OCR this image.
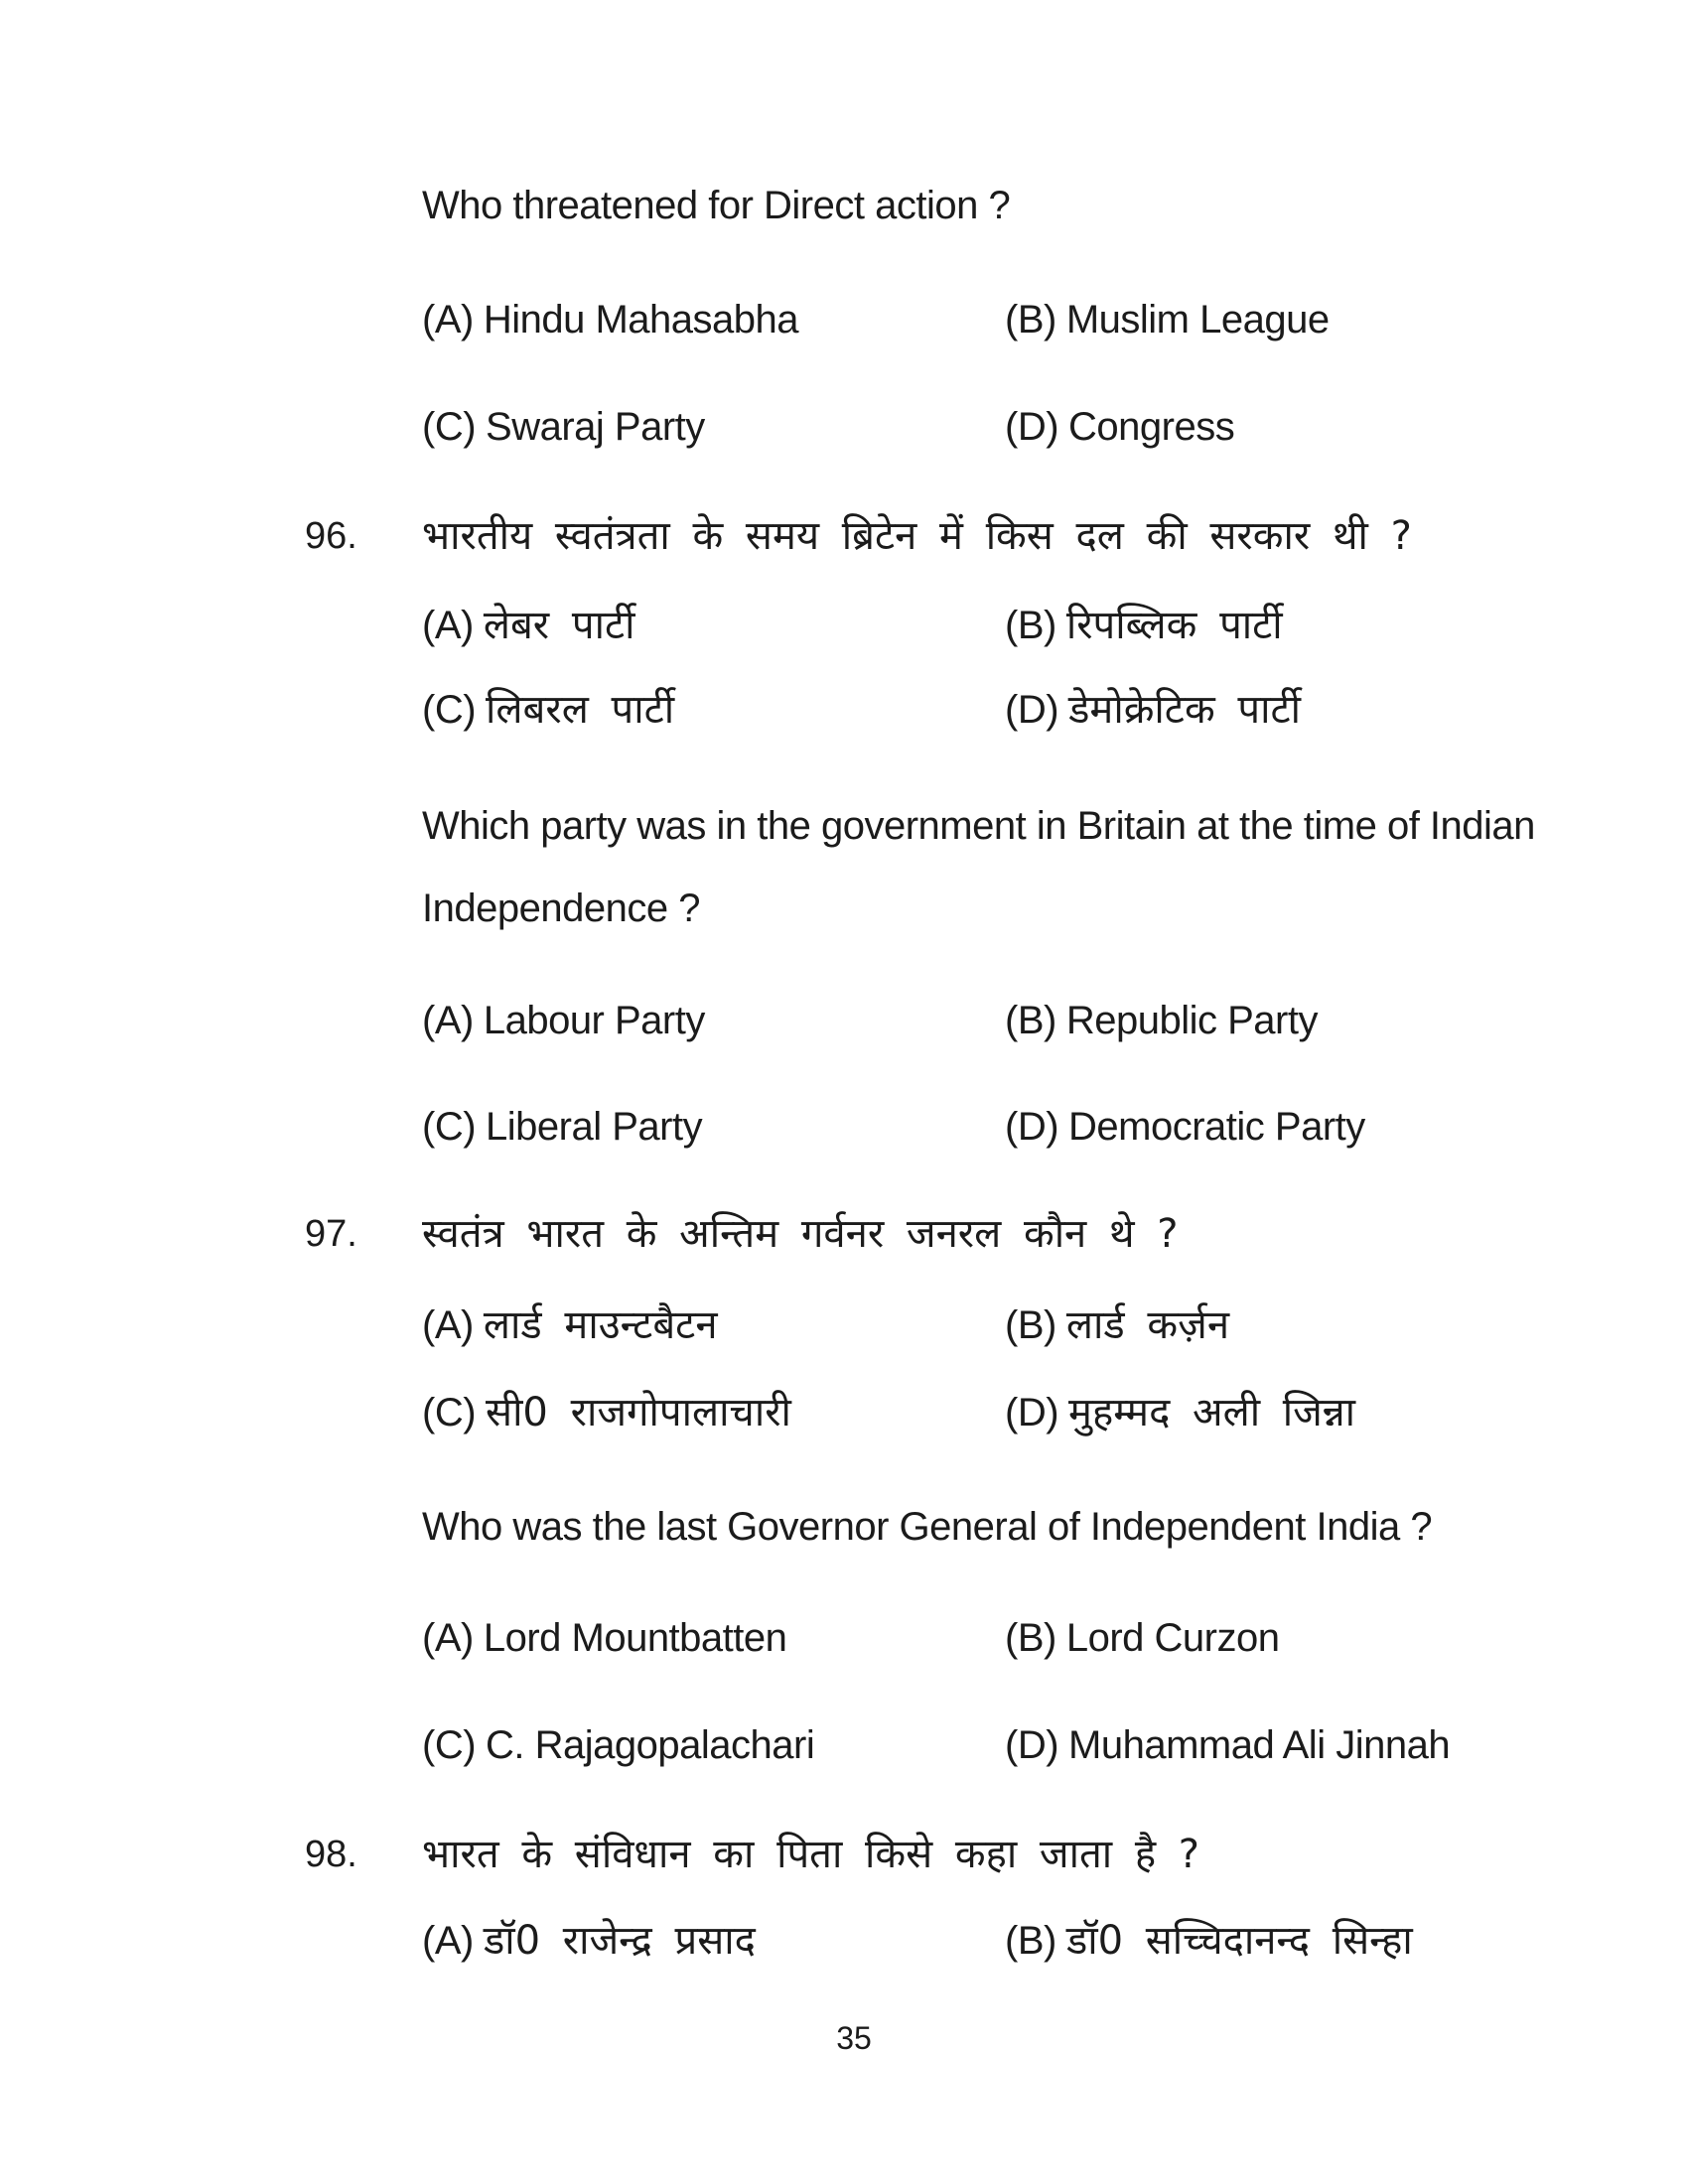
Who threatened for Direct action ?
(A) Hindu Mahasabha	(B) Muslim League
(C) Swaraj Party	(D) Congress
96. भारतीय स्वतंत्रता के समय ब्रिटेन में किस दल की सरकार थी ?
(A) लेबर पार्टी	(B) रिपब्लिक पार्टी
(C) लिबरल पार्टी	(D) डेमोक्रेटिक पार्टी
Which party was in the government in Britain at the time of Indian
Independence ?
(A) Labour Party	(B) Republic Party
(C) Liberal Party	(D) Democratic Party
97. स्वतंत्र भारत के अन्तिम गर्वनर जनरल कौन थे ?
(A) लार्ड माउन्टबैटन	(B) लार्ड कर्ज़न
(C) सी0 राजगोपालाचारी	(D) मुहम्मद अली जिन्ना
Who was the last Governor General of Independent India ?
(A) Lord Mountbatten	(B) Lord Curzon
(C) C. Rajagopalachari	(D) Muhammad Ali Jinnah
98. भारत के संविधान का पिता किसे कहा जाता है ?
(A) डॉ0 राजेन्द्र प्रसाद	(B) डॉ0 सच्चिदानन्द सिन्हा
35
